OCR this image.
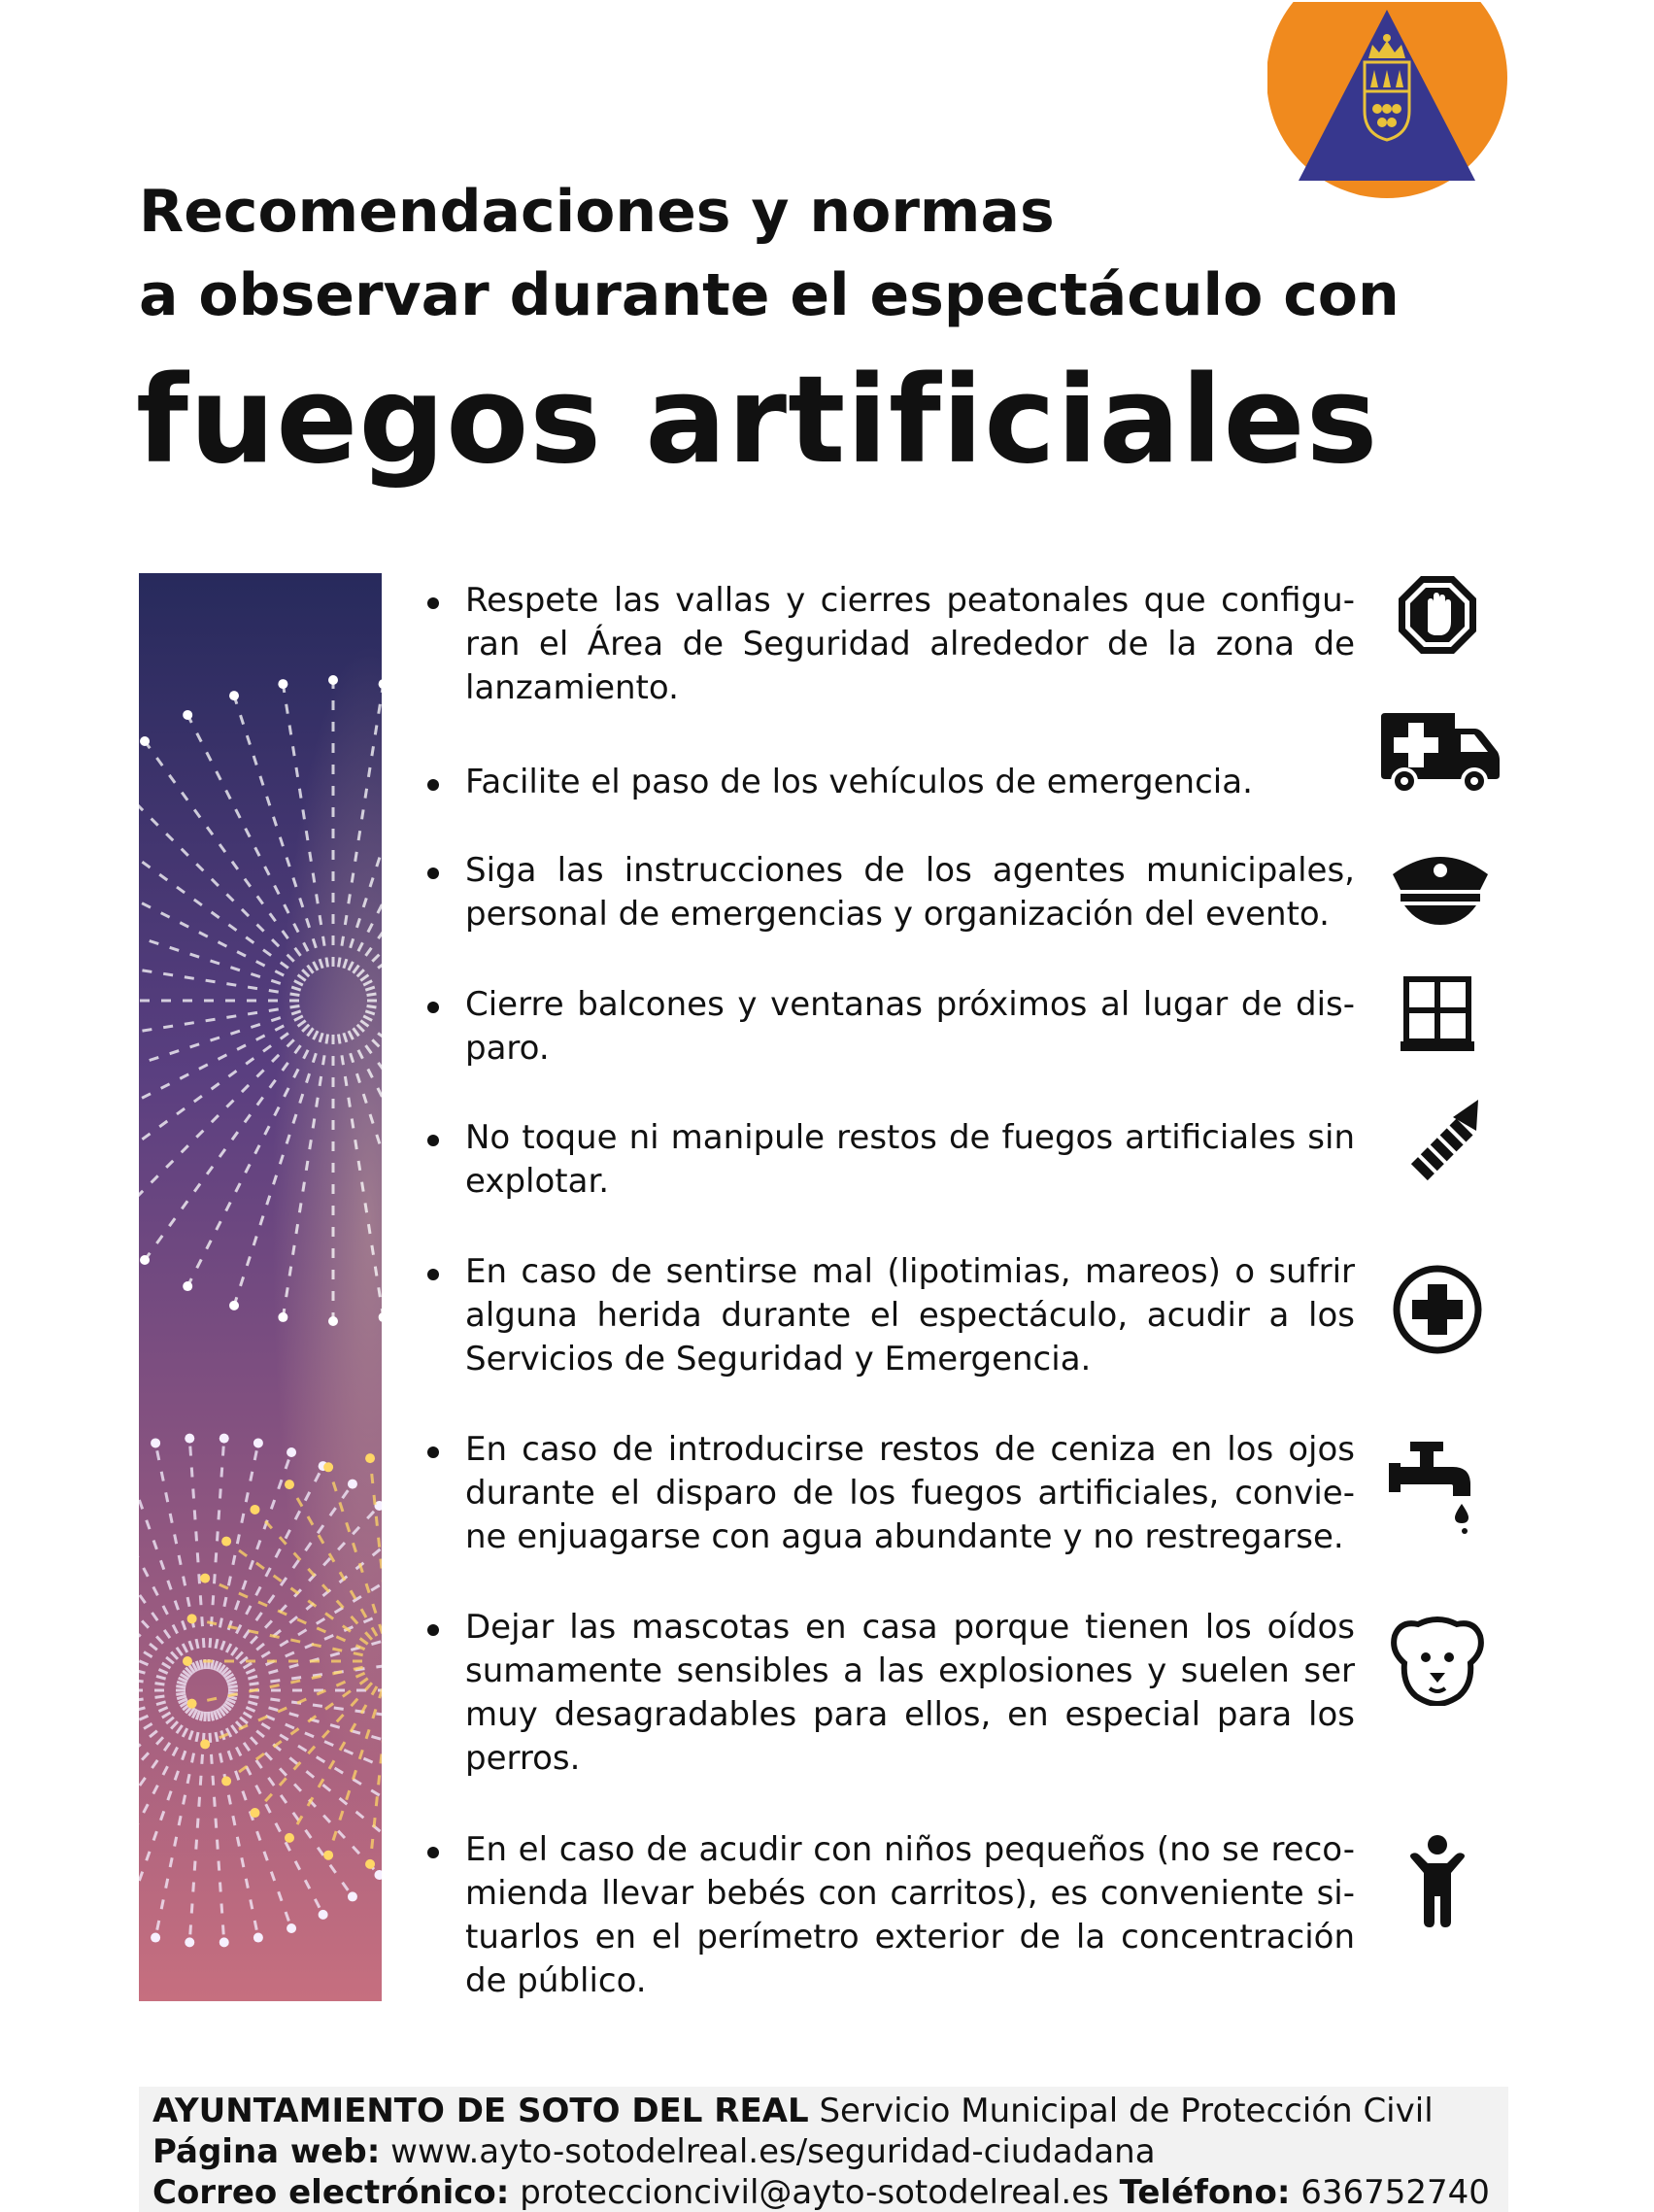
Recomendaciones y normas
a observar durante el espectáculo con
fuegos artificiales

Respete las vallas y cierres peatonales que configu-ran el Área de Seguridad alrededor de la zona de lanzamiento.

Facilite el paso de los vehículos de emergencia.

Siga las instrucciones de los agentes municipales, personal de emergencias y organización del evento.

Cierre balcones y ventanas próximos al lugar de dis-paro.

No toque ni manipule restos de fuegos artificiales sin explotar.

En caso de sentirse mal (lipotimias, mareos) o sufrir alguna herida durante el espectáculo, acudir a los Servicios de Seguridad y Emergencia.

En caso de introducirse restos de ceniza en los ojos durante el disparo de los fuegos artificiales, convie-ne enjuagarse con agua abundante y no restregarse.

Dejar las mascotas en casa porque tienen los oídos sumamente sensibles a las explosiones y suelen ser muy desagradables para ellos, en especial para los perros.

En el caso de acudir con niños pequeños (no se reco-mienda llevar bebés con carritos), es conveniente si-tuarlos en el perímetro exterior de la concentración de público.

AYUNTAMIENTO DE SOTO DEL REAL Servicio Municipal de Protección Civil
Página web: www.ayto-sotodelreal.es/seguridad-ciudadana
Correo electrónico: proteccioncivil@ayto-sotodelreal.es Teléfono: 636752740
